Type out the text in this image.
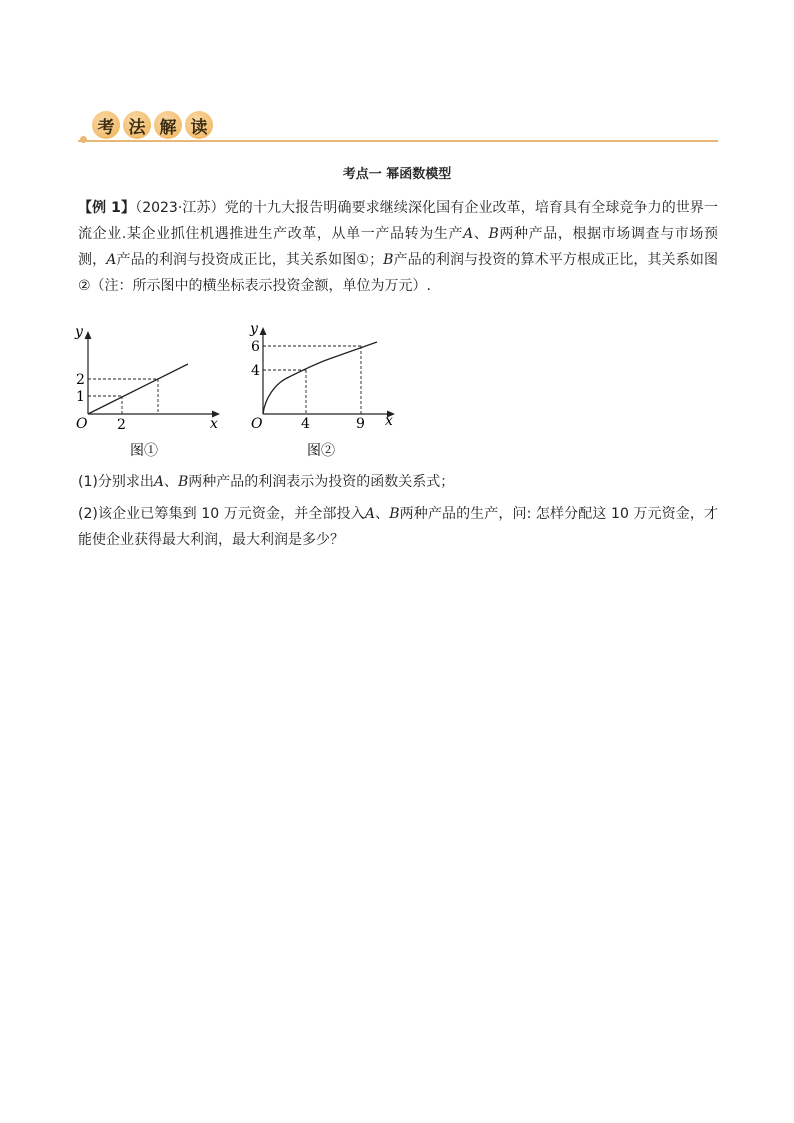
考 法 解 读
考点一 幂函数模型
【例 1】（2023·江苏）党的十九大报告明确要求继续深化国有企业改革，培育具有全球竞争力的世界一流企业.某企业抓住机遇推进生产改革，从单一产品转为生产A、B两种产品，根据市场调查与市场预测，A产品的利润与投资成正比，其关系如图①；B产品的利润与投资的算术平方根成正比，其关系如图②（注：所示图中的横坐标表示投资金额，单位为万元）.
y
x
O
2
1
2
图①
y
x
O
6
4
4	9
图②
(1)分别求出A、B两种产品的利润表示为投资的函数关系式；
(2)该企业已筹集到 10 万元资金，并全部投入A、B两种产品的生产，问: 怎样分配这 10 万元资金，才能使企业获得最大利润，最大利润是多少？
